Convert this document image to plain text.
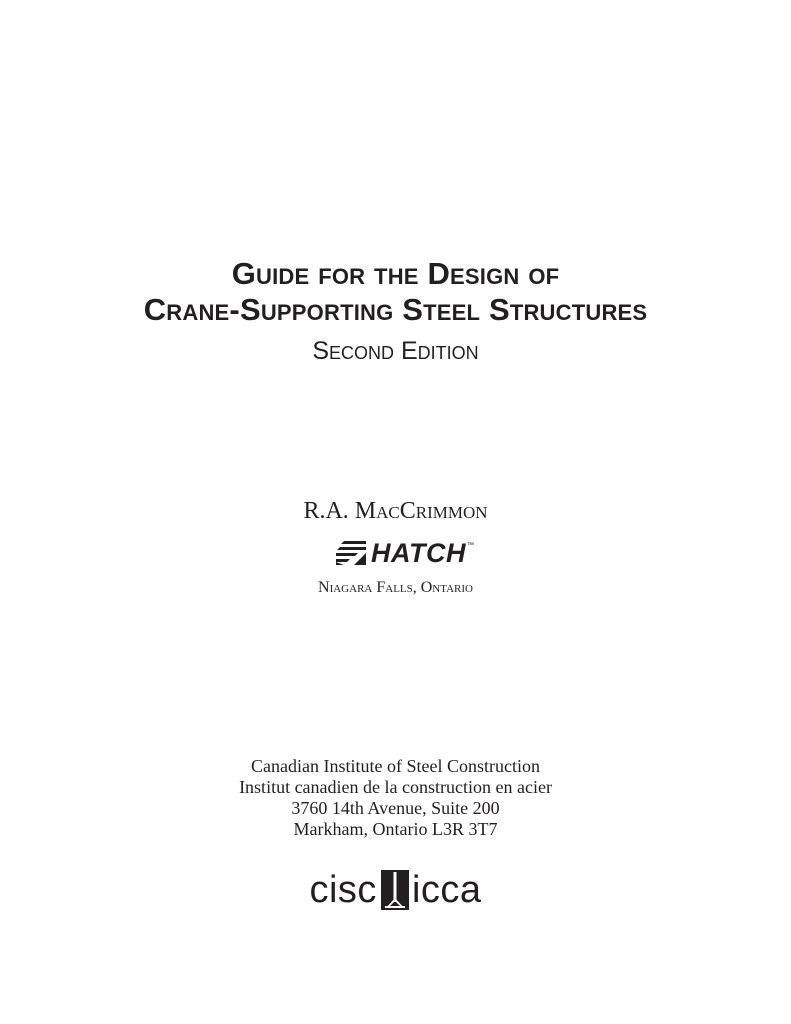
Guide for the Design of
Crane-Supporting Steel Structures
Second Edition
R.A. MacCrimmon
HATCH ™
Niagara Falls, Ontario
Canadian Institute of Steel Construction
Institut canadien de la construction en acier
3760 14th Avenue, Suite 200
Markham, Ontario L3R 3T7
cisc icca
